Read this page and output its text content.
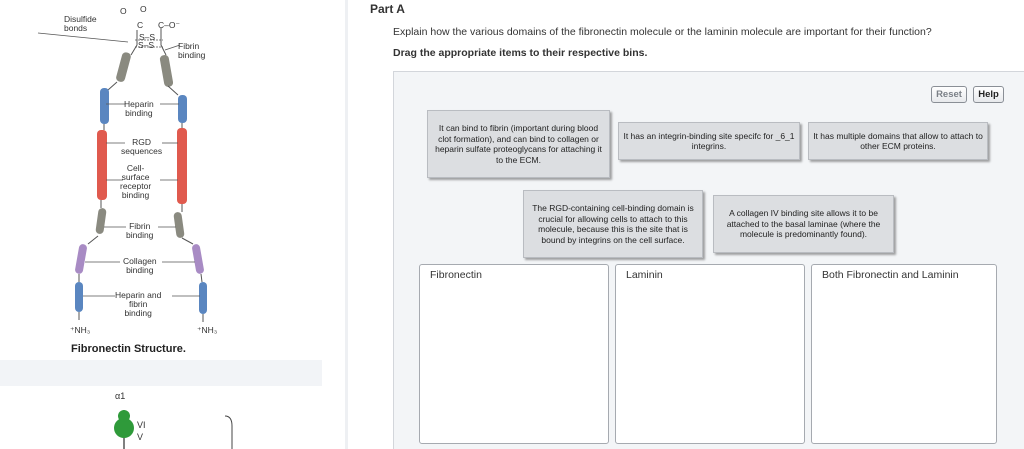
Disulfide
bonds
O O
C C–O⁻
S–S
S–S	Fibrin
binding
Heparin
binding
RGD
sequences
Cell-
surface
receptor
binding
Fibrin
binding
Collagen
binding
Heparin and
fibrin
binding
⁺NH₃	⁺NH₃
Fibronectin Structure.
α1
VI
V
Part A
Explain how the various domains of the fibronectin molecule or the laminin molecule are important for their function?
Drag the appropriate items to their respective bins.
Reset	Help
It can bind to fibrin (important during blood clot formation), and can bind to collagen or heparin sulfate proteoglycans for attaching it to the ECM.
It has an integrin-binding site specifc for _6_1 integrins.
It has multiple domains that allow to attach to other ECM proteins.
The RGD-containing cell-binding domain is crucial for allowing cells to attach to this molecule, because this is the site that is bound by integrins on the cell surface.
A collagen IV binding site allows it to be attached to the basal laminae (where the molecule is predominantly found).
Fibronectin	Laminin	Both Fibronectin and Laminin
